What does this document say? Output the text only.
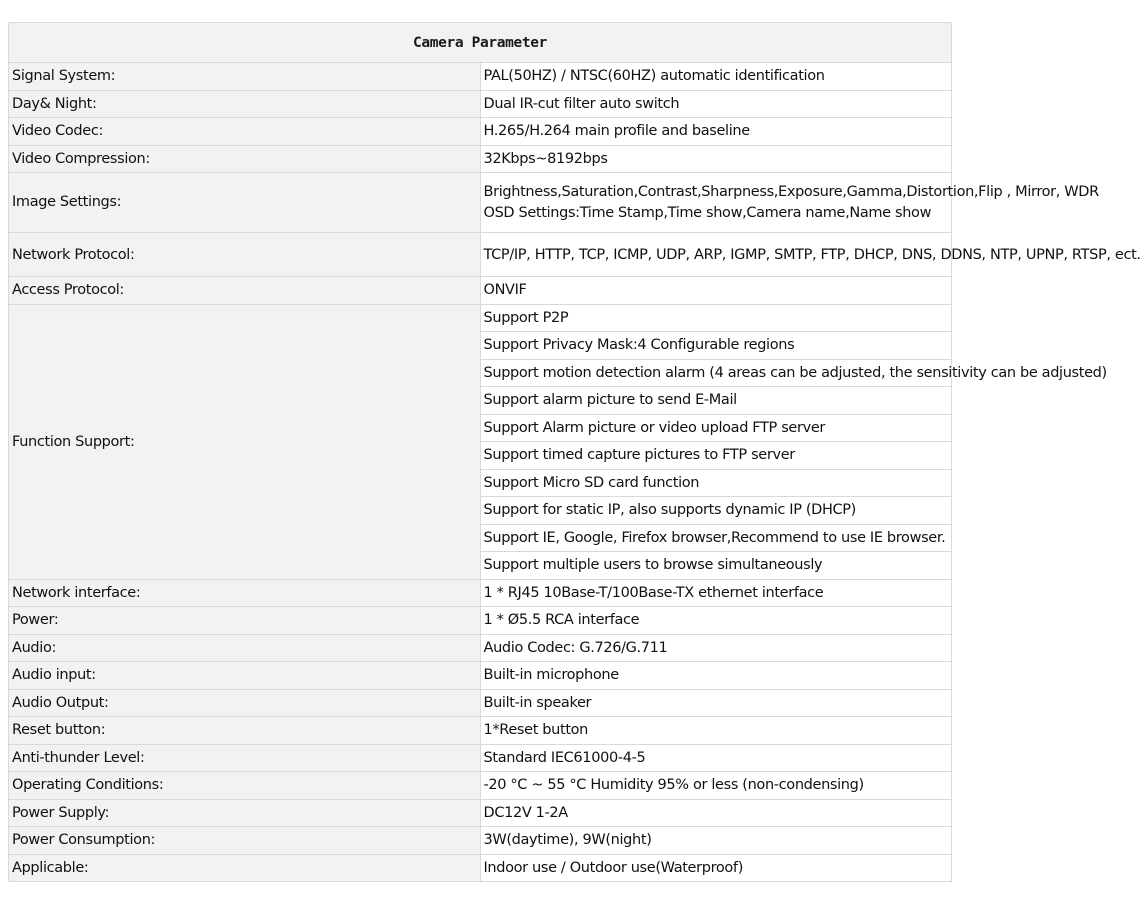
Camera Parameter	
Signal System:	PAL(50HZ) / NTSC(60HZ) automatic identification
Day& Night:	Dual IR-cut filter auto switch
Video Codec:	H.265/H.264 main profile and baseline
Video Compression:	32Kbps~8192bps
Image Settings:	Brightness,Saturation,Contrast,Sharpness,Exposure,Gamma,Distortion,Flip , Mirror, WDR
OSD Settings:Time Stamp,Time show,Camera name,Name show

Network Protocol:	TCP/IP, HTTP, TCP, ICMP, UDP, ARP, IGMP, SMTP, FTP, DHCP, DNS, DDNS, NTP, UPNP, RTSP, ect.
Access Protocol:	ONVIF
Function Support:	Support P2P
	Support Privacy Mask:4 Configurable regions
	Support motion detection alarm (4 areas can be adjusted, the sensitivity can be adjusted)
	Support alarm picture to send E-Mail
	Support Alarm picture or video upload FTP server
	Support timed capture pictures to FTP server
	Support Micro SD card function
	Support for static IP, also supports dynamic IP (DHCP)
	Support IE, Google, Firefox browser,Recommend to use IE browser.
	Support multiple users to browse simultaneously
Network interface:	1 * RJ45 10Base-T/100Base-TX ethernet interface
Power:	1 * Ø5.5 RCA interface
Audio:	Audio Codec: G.726/G.711
Audio input:	Built-in microphone
Audio Output:	Built-in speaker
Reset button:	1*Reset button
Anti-thunder Level:	Standard IEC61000-4-5
Operating Conditions:	-20 °C ~ 55 °C Humidity 95% or less (non-condensing)
Power Supply:	DC12V 1-2A
Power Consumption:	3W(daytime), 9W(night)
Applicable:	Indoor use / Outdoor use(Waterproof)
